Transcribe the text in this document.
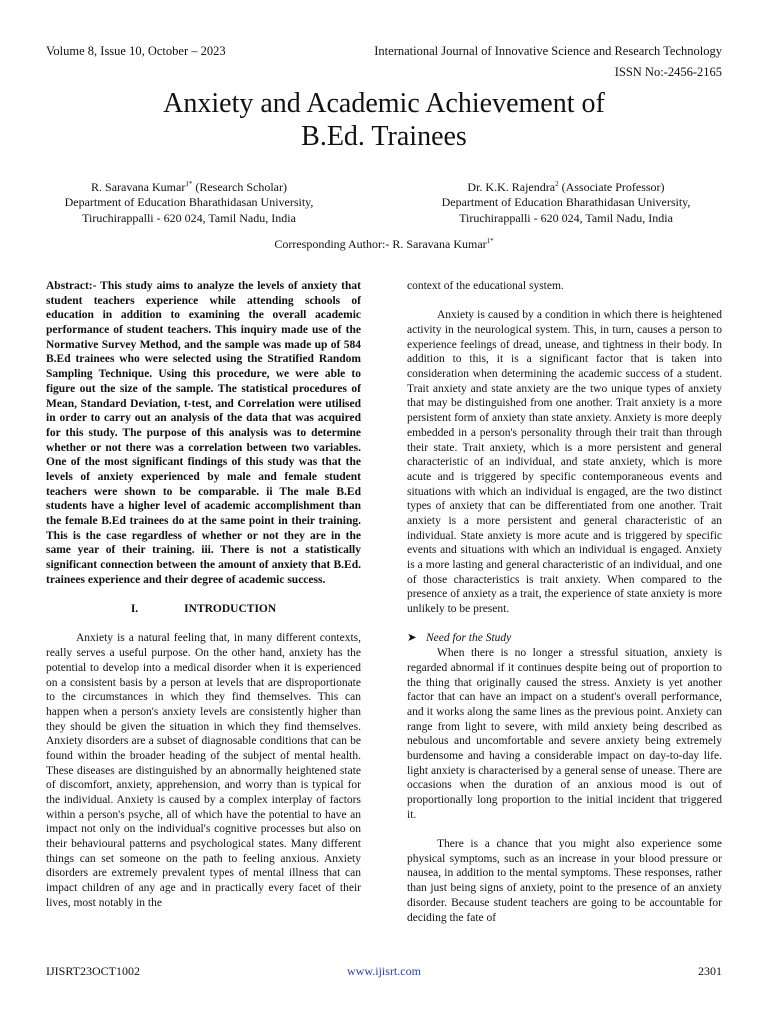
Volume 8, Issue 10, October – 2023	International Journal of Innovative Science and Research Technology
ISSN No:-2456-2165
Anxiety and Academic Achievement of
B.Ed. Trainees
R. Saravana Kumar$^{1*}$ (Research Scholar)
Department of Education Bharathidasan University,
Tiruchirappalli - 620 024, Tamil Nadu, India
Dr. K.K. Rajendra$^2$ (Associate Professor)
Department of Education Bharathidasan University,
Tiruchirappalli - 620 024, Tamil Nadu, India
Corresponding Author:- R. Saravana Kumar$^{1*}$

Abstract:- This study aims to analyze the levels of anxiety that student teachers experience while attending schools of education in addition to examining the overall academic performance of student teachers. This inquiry made use of the Normative Survey Method, and the sample was made up of 584 B.Ed trainees who were selected using the Stratified Random Sampling Technique. Using this procedure, we were able to figure out the size of the sample. The statistical procedures of Mean, Standard Deviation, t-test, and Correlation were utilised in order to carry out an analysis of the data that was acquired for this study. The purpose of this analysis was to determine whether or not there was a correlation between two variables. One of the most significant findings of this study was that the levels of anxiety experienced by male and female student teachers were shown to be comparable. ii The male B.Ed students have a higher level of academic accomplishment than the female B.Ed trainees do at the same point in their training. This is the case regardless of whether or not they are in the same year of their training. iii. There is not a statistically significant connection between the amount of anxiety that B.Ed. trainees experience and their degree of academic success.

I.	INTRODUCTION

Anxiety is a natural feeling that, in many different contexts, really serves a useful purpose. On the other hand, anxiety has the potential to develop into a medical disorder when it is experienced on a consistent basis by a person at levels that are disproportionate to the circumstances in which they find themselves. This can happen when a person's anxiety levels are consistently higher than they should be given the situation in which they find themselves. Anxiety disorders are a subset of diagnosable conditions that can be found within the broader heading of the subject of mental health. These diseases are distinguished by an abnormally heightened state of discomfort, anxiety, apprehension, and worry than is typical for the individual. Anxiety is caused by a complex interplay of factors within a person's psyche, all of which have the potential to have an impact not only on the individual's cognitive processes but also on their behavioural patterns and psychological states. Many different things can set someone on the path to feeling anxious. Anxiety disorders are extremely prevalent types of mental illness that can impact children of any age and in practically every facet of their lives, most notably in the

context of the educational system.

Anxiety is caused by a condition in which there is heightened activity in the neurological system. This, in turn, causes a person to experience feelings of dread, unease, and tightness in their body. In addition to this, it is a significant factor that is taken into consideration when determining the academic success of a student. Trait anxiety and state anxiety are the two unique types of anxiety that may be distinguished from one another. Trait anxiety is a more persistent form of anxiety than state anxiety. Anxiety is more deeply embedded in a person's personality through their trait than through their state. Trait anxiety, which is a more persistent and general characteristic of an individual, and state anxiety, which is more acute and is triggered by specific contemporaneous events and situations with which an individual is engaged, are the two distinct types of anxiety that can be differentiated from one another. Trait anxiety is a more persistent and general characteristic of an individual. State anxiety is more acute and is triggered by specific events and situations with which an individual is engaged. Anxiety is a more lasting and general characteristic of an individual, and one of those characteristics is trait anxiety. When compared to the presence of anxiety as a trait, the experience of state anxiety is more unlikely to be present.

➤ Need for the Study

When there is no longer a stressful situation, anxiety is regarded abnormal if it continues despite being out of proportion to the thing that originally caused the stress. Anxiety is yet another factor that can have an impact on a student's overall performance, and it works along the same lines as the previous point. Anxiety can range from light to severe, with mild anxiety being described as nebulous and uncomfortable and severe anxiety being extremely burdensome and having a considerable impact on day-to-day life. light anxiety is characterised by a general sense of unease. There are occasions when the duration of an anxious mood is out of proportionally long proportion to the initial incident that triggered it.

There is a chance that you might also experience some physical symptoms, such as an increase in your blood pressure or nausea, in addition to the mental symptoms. These responses, rather than just being signs of anxiety, point to the presence of an anxiety disorder. Because student teachers are going to be accountable for deciding the fate of

IJISRT23OCT1002	www.ijisrt.com	2301
